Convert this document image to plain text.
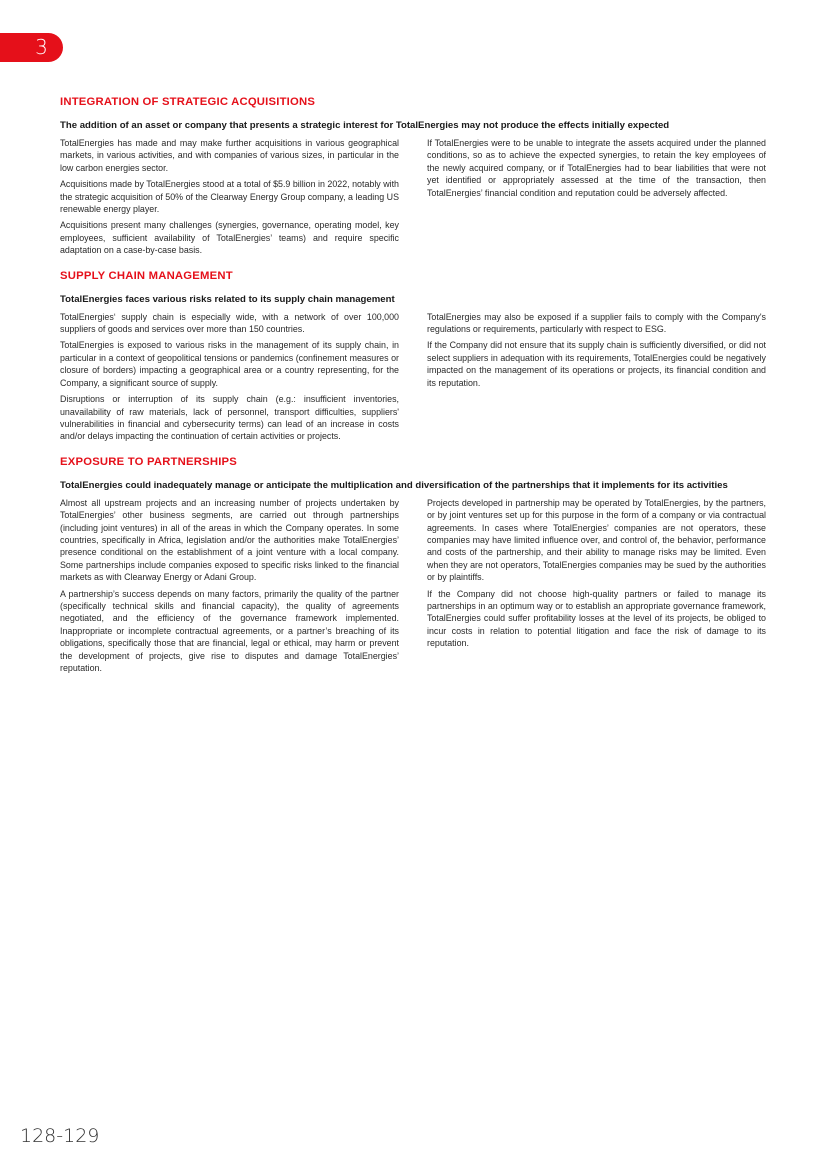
3
INTEGRATION OF STRATEGIC ACQUISITIONS
The addition of an asset or company that presents a strategic interest for TotalEnergies may not produce the effects initially expected

TotalEnergies has made and may make further acquisitions in various geographical markets, in various activities, and with companies of various sizes, in particular in the low carbon energies sector.

Acquisitions made by TotalEnergies stood at a total of $5.9 billion in 2022, notably with the strategic acquisition of 50% of the Clearway Energy Group company, a leading US renewable energy player.

Acquisitions present many challenges (synergies, governance, operating model, key employees, sufficient availability of TotalEnergies’ teams) and require specific adaptation on a case-by-case basis.

If TotalEnergies were to be unable to integrate the assets acquired under the planned conditions, so as to achieve the expected synergies, to retain the key employees of the newly acquired company, or if TotalEnergies had to bear liabilities that were not yet identified or appropriately assessed at the time of the transaction, then TotalEnergies’ financial condition and reputation could be adversely affected.

SUPPLY CHAIN MANAGEMENT
TotalEnergies faces various risks related to its supply chain management

TotalEnergies‘ supply chain is especially wide, with a network of over 100,000 suppliers of goods and services over more than 150 countries.

TotalEnergies is exposed to various risks in the management of its supply chain, in particular in a context of geopolitical tensions or pandemics (confinement measures or closure of borders) impacting a geographical area or a country representing, for the Company, a significant source of supply.

Disruptions or interruption of its supply chain (e.g.: insufficient inventories, unavailability of raw materials, lack of personnel, transport difficulties, suppliers' vulnerabilities in financial and cybersecurity terms) can lead of an increase in costs and/or delays impacting the continuation of certain activities or projects.

TotalEnergies may also be exposed if a supplier fails to comply with the Company's regulations or requirements, particularly with respect to ESG.

If the Company did not ensure that its supply chain is sufficiently diversified, or did not select suppliers in adequation with its requirements, TotalEnergies could be negatively impacted on the management of its operations or projects, its financial condition and its reputation.

EXPOSURE TO PARTNERSHIPS
TotalEnergies could inadequately manage or anticipate the multiplication and diversification of the partnerships that it implements for its activities

Almost all upstream projects and an increasing number of projects undertaken by TotalEnergies’ other business segments, are carried out through partnerships (including joint ventures) in all of the areas in which the Company operates. In some countries, specifically in Africa, legislation and/or the authorities make TotalEnergies’ presence conditional on the establishment of a joint venture with a local company. Some partnerships include companies exposed to specific risks linked to the financial markets as with Clearway Energy or Adani Group.

A partnership’s success depends on many factors, primarily the quality of the partner (specifically technical skills and financial capacity), the quality of agreements negotiated, and the efficiency of the governance framework implemented. Inappropriate or incomplete contractual agreements, or a partner’s breaching of its obligations, specifically those that are financial, legal or ethical, may harm or prevent the development of projects, give rise to disputes and damage TotalEnergies’ reputation.

Projects developed in partnership may be operated by TotalEnergies, by the partners, or by joint ventures set up for this purpose in the form of a company or via contractual agreements. In cases where TotalEnergies’ companies are not operators, these companies may have limited influence over, and control of, the behavior, performance and costs of the partnership, and their ability to manage risks may be limited. Even when they are not operators, TotalEnergies companies may be sued by the authorities or by plaintiffs.

If the Company did not choose high-quality partners or failed to manage its partnerships in an optimum way or to establish an appropriate governance framework, TotalEnergies could suffer profitability losses at the level of its projects, be obliged to incur costs in relation to potential litigation and face the risk of damage to its reputation.

128-129
